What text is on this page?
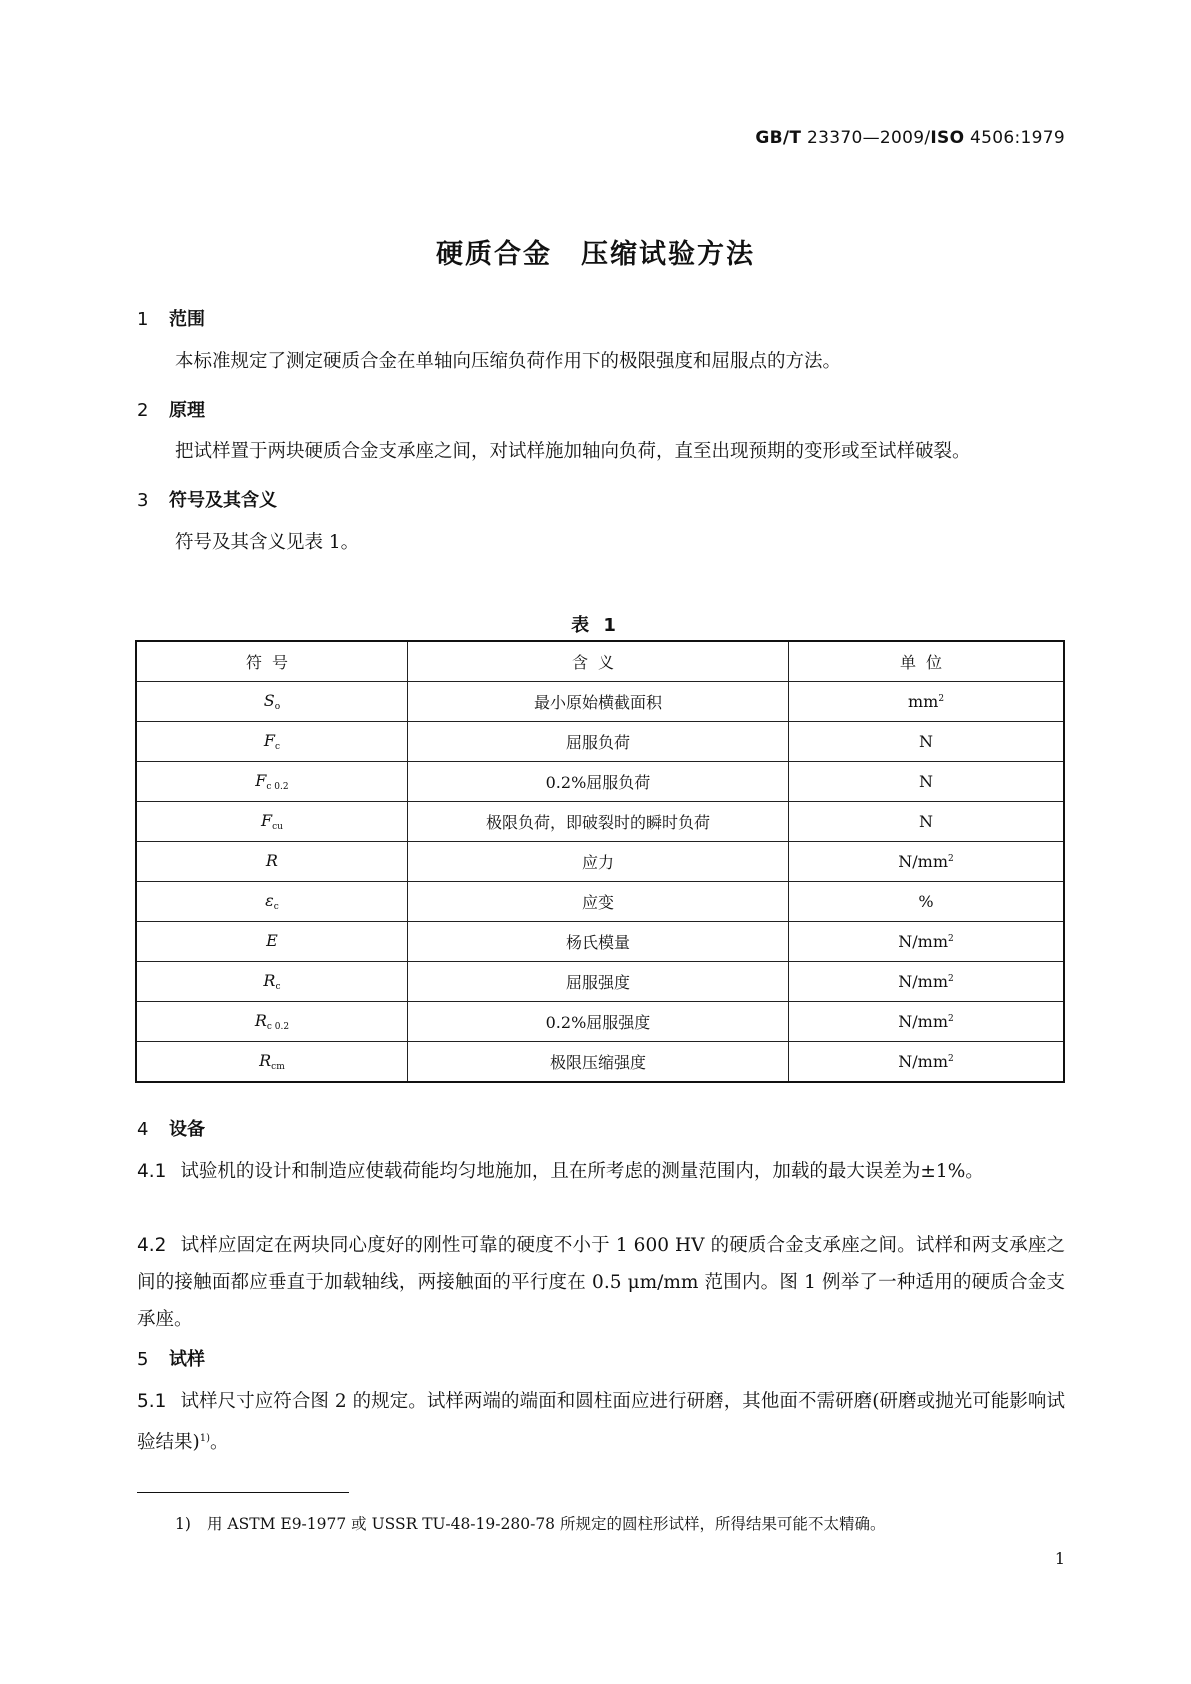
GB/T 23370—2009/ISO 4506:1979
硬质合金　压缩试验方法
1 范围
本标准规定了测定硬质合金在单轴向压缩负荷作用下的极限强度和屈服点的方法。
2 原理
把试样置于两块硬质合金支承座之间，对试样施加轴向负荷，直至出现预期的变形或至试样破裂。
3 符号及其含义
符号及其含义见表 1。
表 1
符号	含义	单位
$S_o$	最小原始横截面积	$mm^2$
$F_c$	屈服负荷	N
$F_{c 0.2}$	0.2%屈服负荷	N
$F_{cu}$	极限负荷，即破裂时的瞬时负荷	N
R	应力	$N/mm^2$
$\varepsilon_c$	应变	%
E	杨氏模量	$N/mm^2$
$R_c$	屈服强度	$N/mm^2$
$R_{c 0.2}$	0.2%屈服强度	$N/mm^2$
$R_{cm}$	极限压缩强度	$N/mm^2$
4 设备
4.1 试验机的设计和制造应使载荷能均匀地施加，且在所考虑的测量范围内，加载的最大误差为±1%。
4.2 试样应固定在两块同心度好的刚性可靠的硬度不小于 1 600 HV 的硬质合金支承座之间。试样和两支承座之间的接触面都应垂直于加载轴线，两接触面的平行度在 0.5 μm/mm 范围内。图 1 例举了一种适用的硬质合金支承座。
5 试样
5.1 试样尺寸应符合图 2 的规定。试样两端的端面和圆柱面应进行研磨，其他面不需研磨(研磨或抛光可能影响试验结果)$^{1)}$。
1) 用 ASTM E9-1977 或 USSR TU-48-19-280-78 所规定的圆柱形试样，所得结果可能不太精确。
1
